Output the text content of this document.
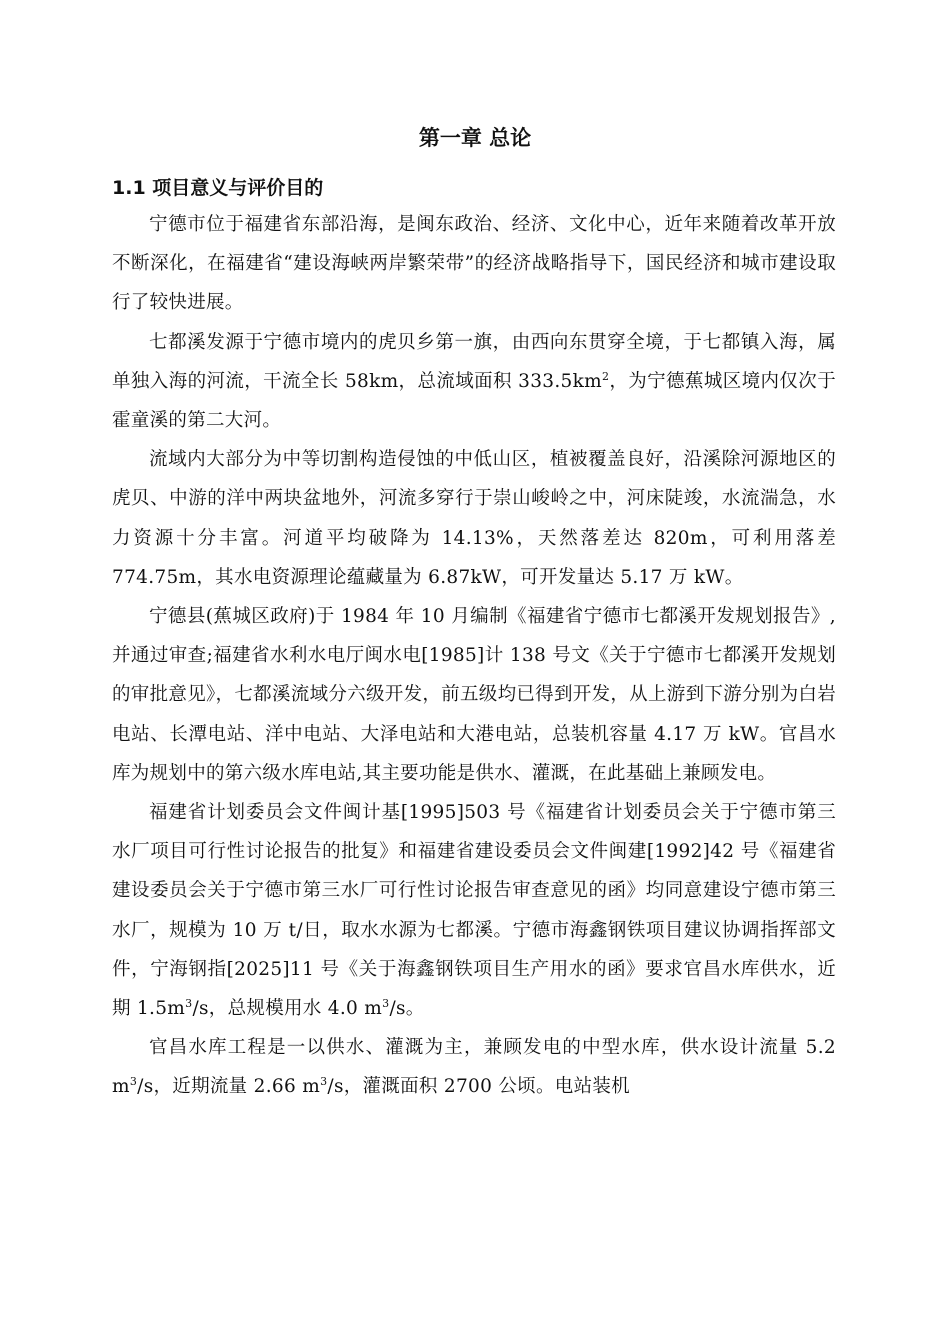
第一章 总论
1.1 项目意义与评价目的

宁德市位于福建省东部沿海，是闽东政治、经济、文化中心，近年来随着改革开放不断深化，在福建省“建设海峡两岸繁荣带”的经济战略指导下，国民经济和城市建设取行了较快进展。

七都溪发源于宁德市境内的虎贝乡第一旗，由西向东贯穿全境，于七都镇入海，属单独入海的河流，干流全长 58km，总流域面积 $333.5km^2$，为宁德蕉城区境内仅次于霍童溪的第二大河。

流域内大部分为中等切割构造侵蚀的中低山区，植被覆盖良好，沿溪除河源地区的虎贝、中游的洋中两块盆地外，河流多穿行于崇山峻岭之中，河床陡竣，水流湍急，水力资源十分丰富。河道平均破降为 14.13%，天然落差达 820m，可利用落差 774.75m，其水电资源理论蕴藏量为 6.87kW，可开发量达 5.17 万 kW。

宁德县(蕉城区政府)于 1984 年 10 月编制《福建省宁德市七都溪开发规划报告》,并通过审查;福建省水利水电厅闽水电[1985]计 138 号文《关于宁德市七都溪开发规划的审批意见》，七都溪流域分六级开发，前五级均已得到开发，从上游到下游分别为白岩电站、长潭电站、洋中电站、大泽电站和大港电站，总装机容量 4.17 万 kW。官昌水库为规划中的第六级水库电站,其主要功能是供水、灌溉，在此基础上兼顾发电。

福建省计划委员会文件闽计基[1995]503 号《福建省计划委员会关于宁德市第三水厂项目可行性讨论报告的批复》和福建省建设委员会文件闽建[1992]42 号《福建省建设委员会关于宁德市第三水厂可行性讨论报告审查意见的函》均同意建设宁德市第三水厂，规模为 10 万 t/日，取水水源为七都溪。宁德市海鑫钢铁项目建议协调指挥部文件，宁海钢指[2025]11 号《关于海鑫钢铁项目生产用水的函》要求官昌水库供水，近期 $1.5m^3/s$，总规模用水 4.0 $m^3/s$。

官昌水库工程是一以供水、灌溉为主，兼顾发电的中型水库，供水设计流量 5.2 $m^3/s$，近期流量 2.66 $m^3/s$，灌溉面积 2700 公顷。电站装机
